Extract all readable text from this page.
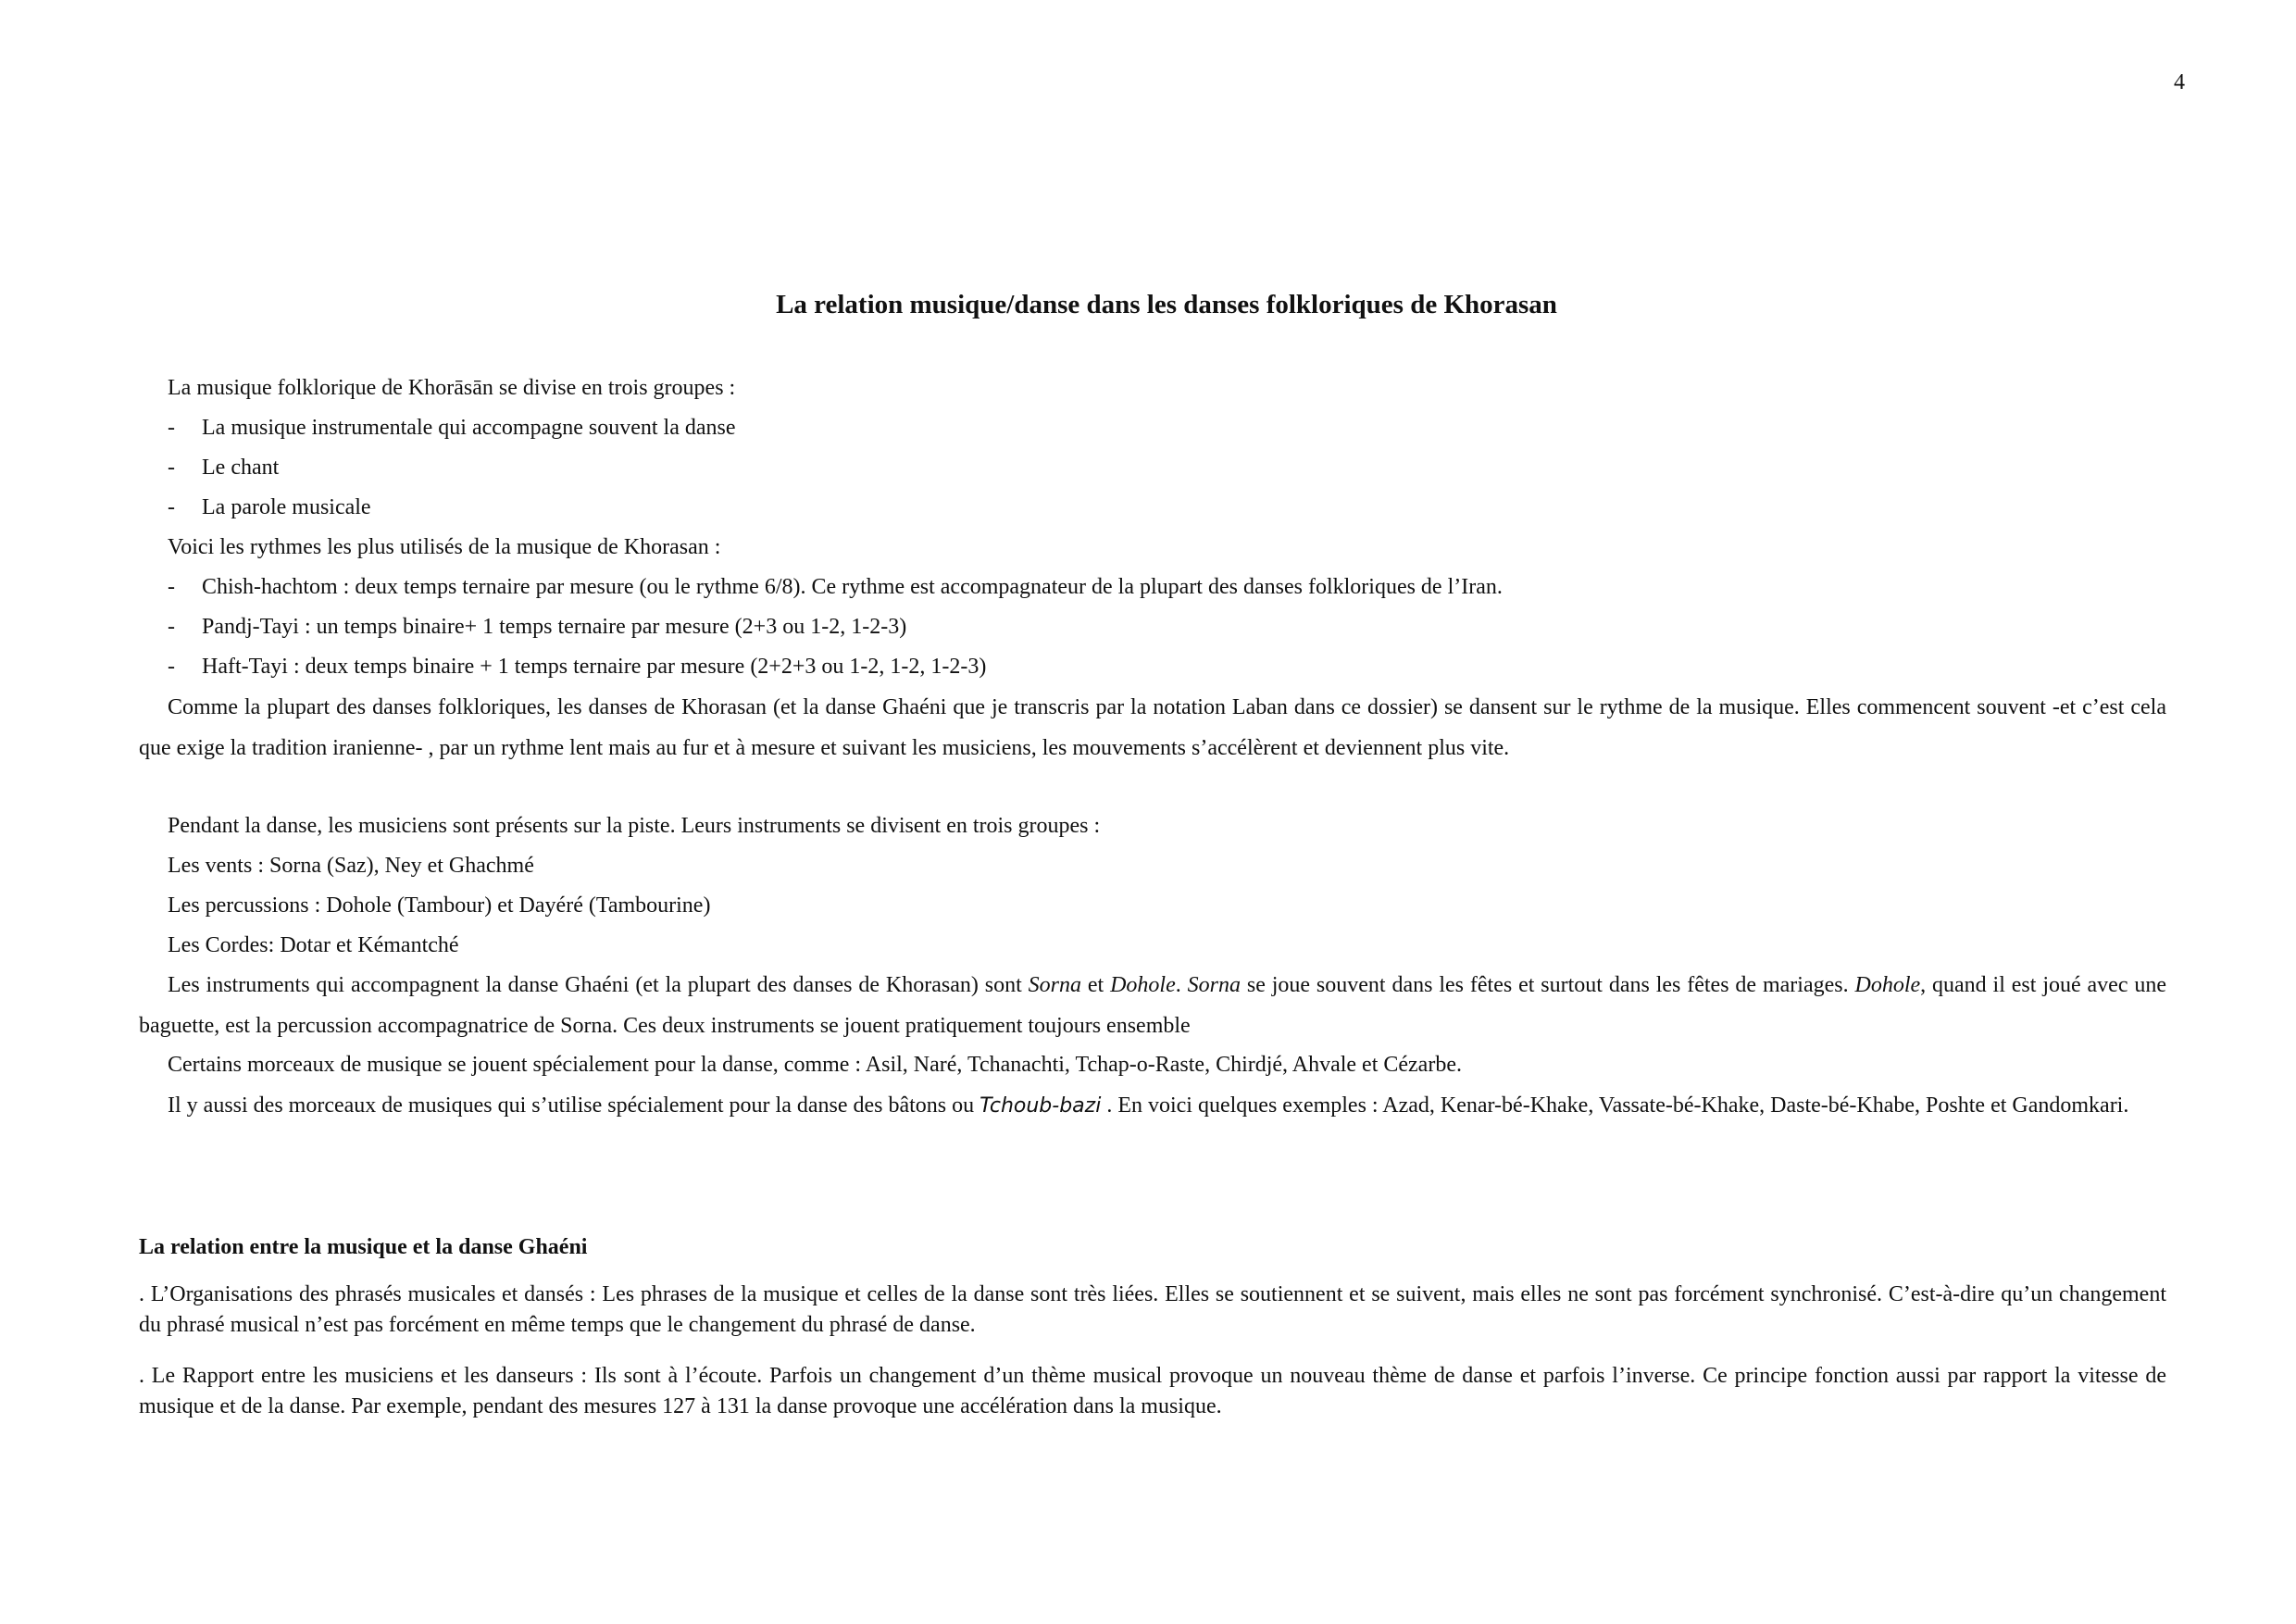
4
La relation musique/danse dans les danses folkloriques de Khorasan
La musique folklorique de Khorāsān se divise en trois groupes :
- La musique instrumentale qui accompagne souvent la danse
- Le chant
- La parole musicale
Voici les rythmes les plus utilisés de la musique de Khorasan :
- Chish-hachtom : deux temps ternaire par mesure (ou le rythme 6/8). Ce rythme est accompagnateur de la plupart des danses folkloriques de l’Iran.
- Pandj-Tayi : un temps binaire+ 1 temps ternaire par mesure (2+3 ou 1-2, 1-2-3)
- Haft-Tayi : deux temps binaire + 1 temps ternaire par mesure (2+2+3 ou 1-2, 1-2, 1-2-3)
Comme la plupart des danses folkloriques, les danses de Khorasan (et la danse Ghaéni que je transcris par la notation Laban dans ce dossier) se dansent sur le rythme de la musique. Elles commencent souvent -et c’est cela que exige la tradition iranienne- , par un rythme lent mais au fur et à mesure et suivant les musiciens, les mouvements s’accélèrent et deviennent plus vite.
Pendant la danse, les musiciens sont présents sur la piste. Leurs instruments se divisent en trois groupes :
Les vents : Sorna (Saz), Ney et Ghachmé
Les percussions : Dohole (Tambour) et Dayéré (Tambourine)
Les Cordes: Dotar et Kémantché
Les instruments qui accompagnent la danse Ghaéni (et la plupart des danses de Khorasan) sont Sorna et Dohole. Sorna se joue souvent dans les fêtes et surtout dans les fêtes de mariages. Dohole, quand il est joué avec une baguette, est la percussion accompagnatrice de Sorna. Ces deux instruments se jouent pratiquement toujours ensemble
Certains morceaux de musique se jouent spécialement pour la danse, comme : Asil, Naré, Tchanachti, Tchap-o-Raste, Chirdjé, Ahvale et Cézarbe.
Il y aussi des morceaux de musiques qui s’utilise spécialement pour la danse des bâtons ou Tchoub-bazi . En voici quelques exemples : Azad, Kenar-bé-Khake, Vassate-bé-Khake, Daste-bé-Khabe, Poshte et Gandomkari.
La relation entre la musique et la danse Ghaéni
. L’Organisations des phrasés musicales et dansés : Les phrases de la musique et celles de la danse sont très liées. Elles se soutiennent et se suivent, mais elles ne sont pas forcément synchronisé. C’est-à-dire qu’un changement du phrasé musical n’est pas forcément en même temps que le changement du phrasé de danse.
. Le Rapport entre les musiciens et les danseurs : Ils sont à l’écoute. Parfois un changement d’un thème musical provoque un nouveau thème de danse et parfois l’inverse. Ce principe fonction aussi par rapport la vitesse de musique et de la danse. Par exemple, pendant des mesures 127 à 131 la danse provoque une accélération dans la musique.
